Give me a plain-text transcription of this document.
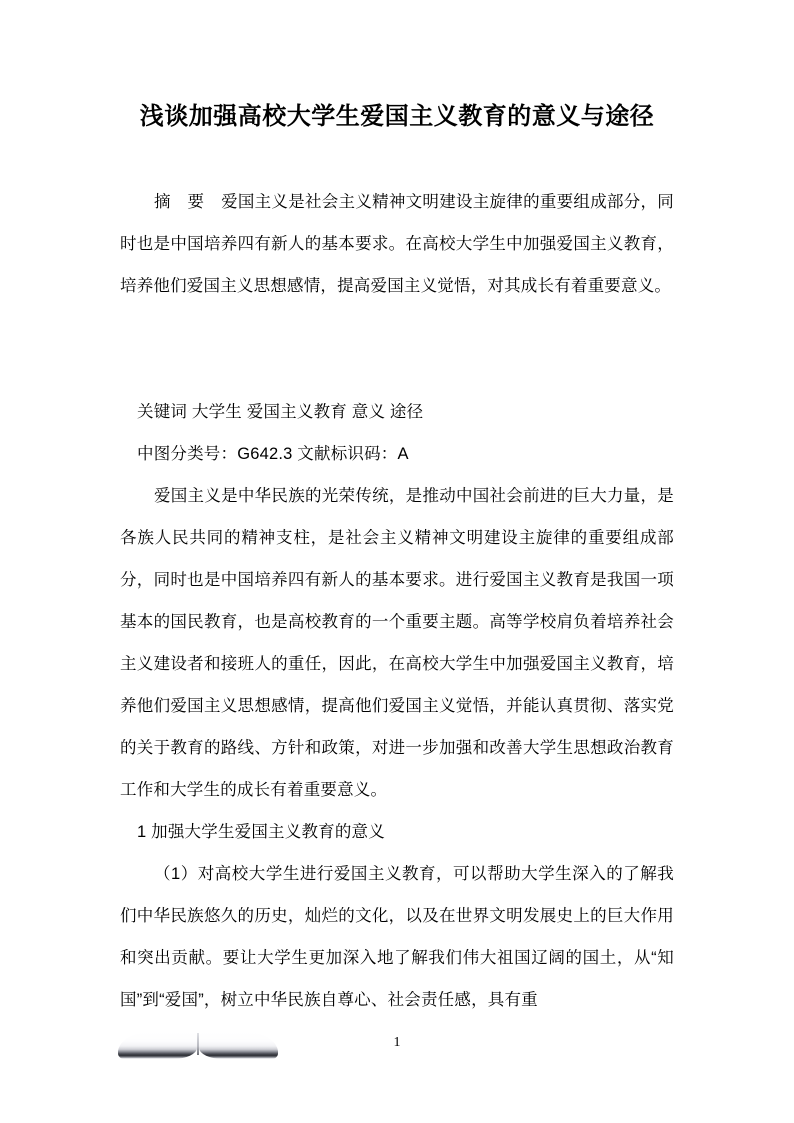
浅谈加强高校大学生爱国主义教育的意义与途径

摘　要　爱国主义是社会主义精神文明建设主旋律的重要组成部分，同时也是中国培养四有新人的基本要求。在高校大学生中加强爱国主义教育，培养他们爱国主义思想感情，提高爱国主义觉悟，对其成长有着重要意义。

关键词 大学生 爱国主义教育 意义 途径

中图分类号：G642.3 文献标识码：A

爱国主义是中华民族的光荣传统，是推动中国社会前进的巨大力量，是各族人民共同的精神支柱，是社会主义精神文明建设主旋律的重要组成部分，同时也是中国培养四有新人的基本要求。进行爱国主义教育是我国一项基本的国民教育，也是高校教育的一个重要主题。高等学校肩负着培养社会主义建设者和接班人的重任，因此，在高校大学生中加强爱国主义教育，培养他们爱国主义思想感情，提高他们爱国主义觉悟，并能认真贯彻、落实党的关于教育的路线、方针和政策，对进一步加强和改善大学生思想政治教育工作和大学生的成长有着重要意义。

1 加强大学生爱国主义教育的意义

（1）对高校大学生进行爱国主义教育，可以帮助大学生深入的了解我们中华民族悠久的历史，灿烂的文化，以及在世界文明发展史上的巨大作用和突出贡献。要让大学生更加深入地了解我们伟大祖国辽阔的国土，从“知国”到“爱国”，树立中华民族自尊心、社会责任感，具有重

1
